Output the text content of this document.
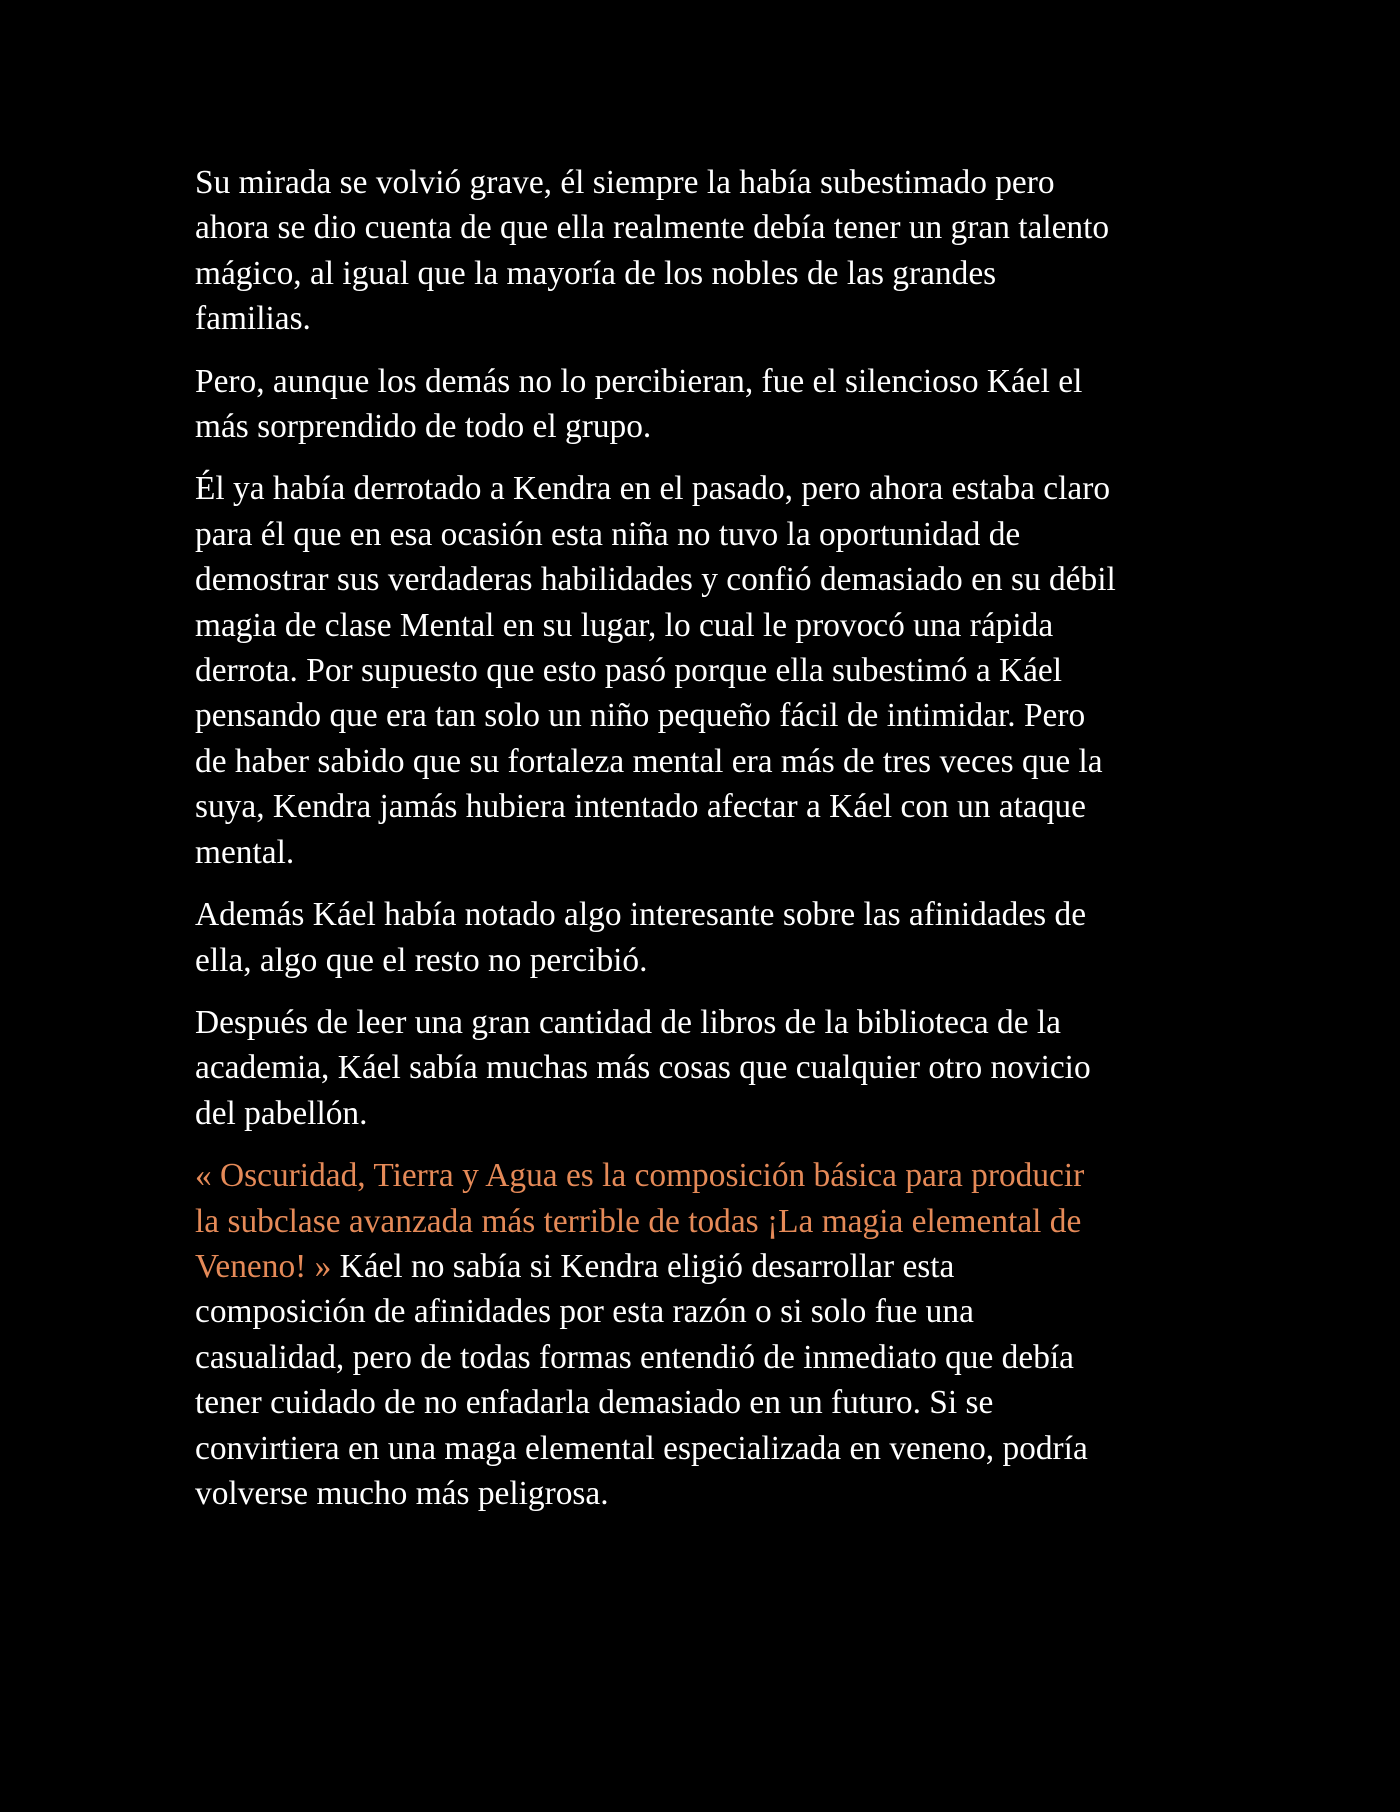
Su mirada se volvió grave, él siempre la había subestimado pero
ahora se dio cuenta de que ella realmente debía tener un gran talento
mágico, al igual que la mayoría de los nobles de las grandes
familias.

Pero, aunque los demás no lo percibieran, fue el silencioso Káel el
más sorprendido de todo el grupo.

Él ya había derrotado a Kendra en el pasado, pero ahora estaba claro
para él que en esa ocasión esta niña no tuvo la oportunidad de
demostrar sus verdaderas habilidades y confió demasiado en su débil
magia de clase Mental en su lugar, lo cual le provocó una rápida
derrota. Por supuesto que esto pasó porque ella subestimó a Káel
pensando que era tan solo un niño pequeño fácil de intimidar. Pero
de haber sabido que su fortaleza mental era más de tres veces que la
suya, Kendra jamás hubiera intentado afectar a Káel con un ataque
mental.

Además Káel había notado algo interesante sobre las afinidades de
ella, algo que el resto no percibió.

Después de leer una gran cantidad de libros de la biblioteca de la
academia, Káel sabía muchas más cosas que cualquier otro novicio
del pabellón.

« Oscuridad, Tierra y Agua es la composición básica para producir
la subclase avanzada más terrible de todas ¡La magia elemental de
Veneno! » Káel no sabía si Kendra eligió desarrollar esta
composición de afinidades por esta razón o si solo fue una
casualidad, pero de todas formas entendió de inmediato que debía
tener cuidado de no enfadarla demasiado en un futuro. Si se
convirtiera en una maga elemental especializada en veneno, podría
volverse mucho más peligrosa.
